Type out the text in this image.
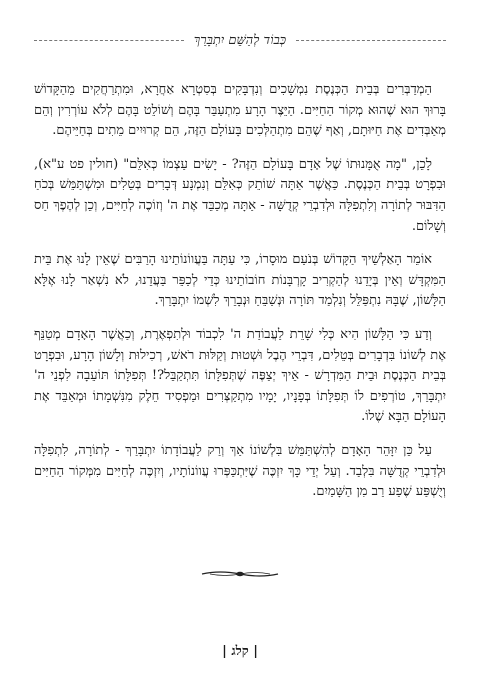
כְּבוֹד לְהַשֵּׁם יִתְבָּרַךְ

הַמְדַבְּרִים בְּבֵית הַכְּנֶסֶת נִמְשָׁכִים וְנִדְבָּקִים בְּסִטְרָא אַחֲרָא, וּמִתְרַחֲקִים מֵהַקָּדוֹשׁ בָּרוּךְ הוּא שֶׁהוּא מְקוֹר הַחַיִּים. הַיֵּצֶר הָרָע מִתְעַבֵּר בָּהֶם וְשׁוֹלֵט בָּהֶם לְלֹא עוֹרְרִין וְהֵם מְאַבְּדִים אֶת חַיּוּתָם, וְאַף שֶׁהֵם מִתְהַלְּכִים בָּעוֹלָם הַזֶּה, הֵם קְרוּיִים מֵתִים בְּחַיֵּיהֶם.

לָכֵן, "מָה אֻמָּנוּתוֹ שֶׁל אָדָם בָּעוֹלָם הַזֶּה? - יָשִׂים עַצְמוֹ כְּאִלֵּם" (חולין פט ע"א), וּבִפְרָט בְּבֵית הַכְּנֶסֶת. כַּאֲשֶׁר אַתָּה שׁוֹתֵק כְּאִלֵּם וְנִמְנָע דְּבָרִים בְּטֵלִים וּמִשְׁתַּמֵּשׁ בְּכֹחַ הַדִּבּוּר לְתוֹרָה וְלִתְפִלָּה וּלְדִבְרֵי קְדֻשָּׁה - אַתָּה מְכַבֵּד אֶת ה' וְזוֹכֶה לְחַיִּים, וְכֵן לְהֶפֶךְ חַס וְשָׁלוֹם.

אוֹמֵר הָאַלְשֵׁיךְ הַקָּדוֹשׁ בְּנֹעַם מוּסָרוֹ, כִּי עַתָּה בַּעֲווֹנוֹתֵינוּ הָרַבִּים שֶׁאֵין לָנוּ אֶת בֵּית הַמִּקְדָּשׁ וְאֵין בְּיָדֵנוּ לְהַקְרִיב קָרְבָּנוֹת חוֹבוֹתֵינוּ כְּדֵי לְכַפֵּר בַּעֲדֵנוּ, לֹא נִשְׁאַר לָנוּ אֶלָּא הַלָּשׁוֹן, שֶׁבָּהּ נִתְפַּלֵּל וְנִלְמַד תּוֹרָה וּנְשַׁבֵּחַ וּנְבָרֵךְ לִשְׁמוֹ יִתְבָּרַךְ.

וְדַע כִּי הַלָּשׁוֹן הִיא כְּלִי שָׁרֵת לַעֲבוֹדַת ה' לִכְבוֹד וּלְתִפְאֶרֶת, וְכַאֲשֶׁר הָאָדָם מְטַנֵּף אֶת לְשׁוֹנוֹ בִּדְבָרִים בְּטֵלִים, דִּבְרֵי הֶבֶל וּשְׁטוּת וְקַלּוּת רֹאשׁ, רְכִילוּת וְלָשׁוֹן הָרָע, וּבִפְרָט בְּבֵית הַכְּנֶסֶת וּבֵית הַמִּדְרָשׁ - אֵיךְ יְצַפֶּה שֶׁתְּפִלָּתוֹ תִּתְקַבֵּל?! תְּפִלָּתוֹ תּוֹעֵבָה לִפְנֵי ה' יִתְבָּרַךְ, טוֹרְפִים לוֹ תְּפִלָּתוֹ בְּפָנָיו, יָמָיו מִתְקַצְּרִים וּמַפְסִיד חֵלֶק מִנִּשְׁמָתוֹ וּמְאַבֵּד אֶת הָעוֹלָם הַבָּא שֶׁלוֹ.

עַל כֵּן יִזָּהֵר הָאָדָם לְהִשְׁתַּמֵּשׁ בִּלְשׁוֹנוֹ אַךְ וְרַק לַעֲבוֹדָתוֹ יִתְבָּרַךְ - לְתוֹרָה, לִתְפִלָּה וּלְדִבְרֵי קְדֻשָּׁה בִּלְבַד. וְעַל יְדֵי כָּךְ יִזְכֶּה שֶׁיִּתְכַּפְּרוּ עֲווֹנוֹתָיו, וְיִזְכֶּה לְחַיִּים מִמְּקוֹר הַחַיִּים וְיֻשְׁפַּע שֶׁפַע רַב מִן הַשָּׁמַיִם.

| קלג |
